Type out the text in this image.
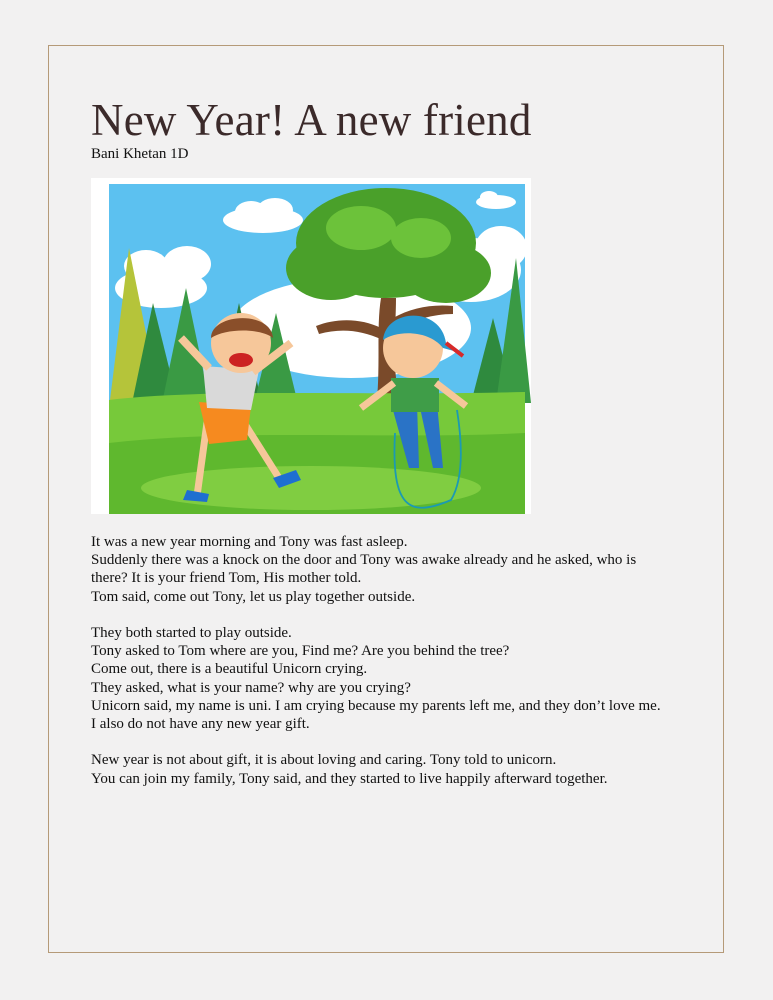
New Year! A new friend
Bani Khetan 1D

It was a new year morning and Tony was fast asleep.

Suddenly there was a knock on the door and Tony was awake already and he asked, who is

there? It is your friend Tom, His mother told.

Tom said, come out Tony, let us play together outside.

They both started to play outside.

Tony asked to Tom where are you, Find me? Are you behind the tree?

Come out, there is a beautiful Unicorn crying.

They asked, what is your name? why are you crying?

Unicorn said, my name is uni. I am crying because my parents left me, and they don’t love me.

I also do not have any new year gift.

New year is not about gift, it is about loving and caring. Tony told to unicorn.

You can join my family, Tony said, and they started to live happily afterward together.
